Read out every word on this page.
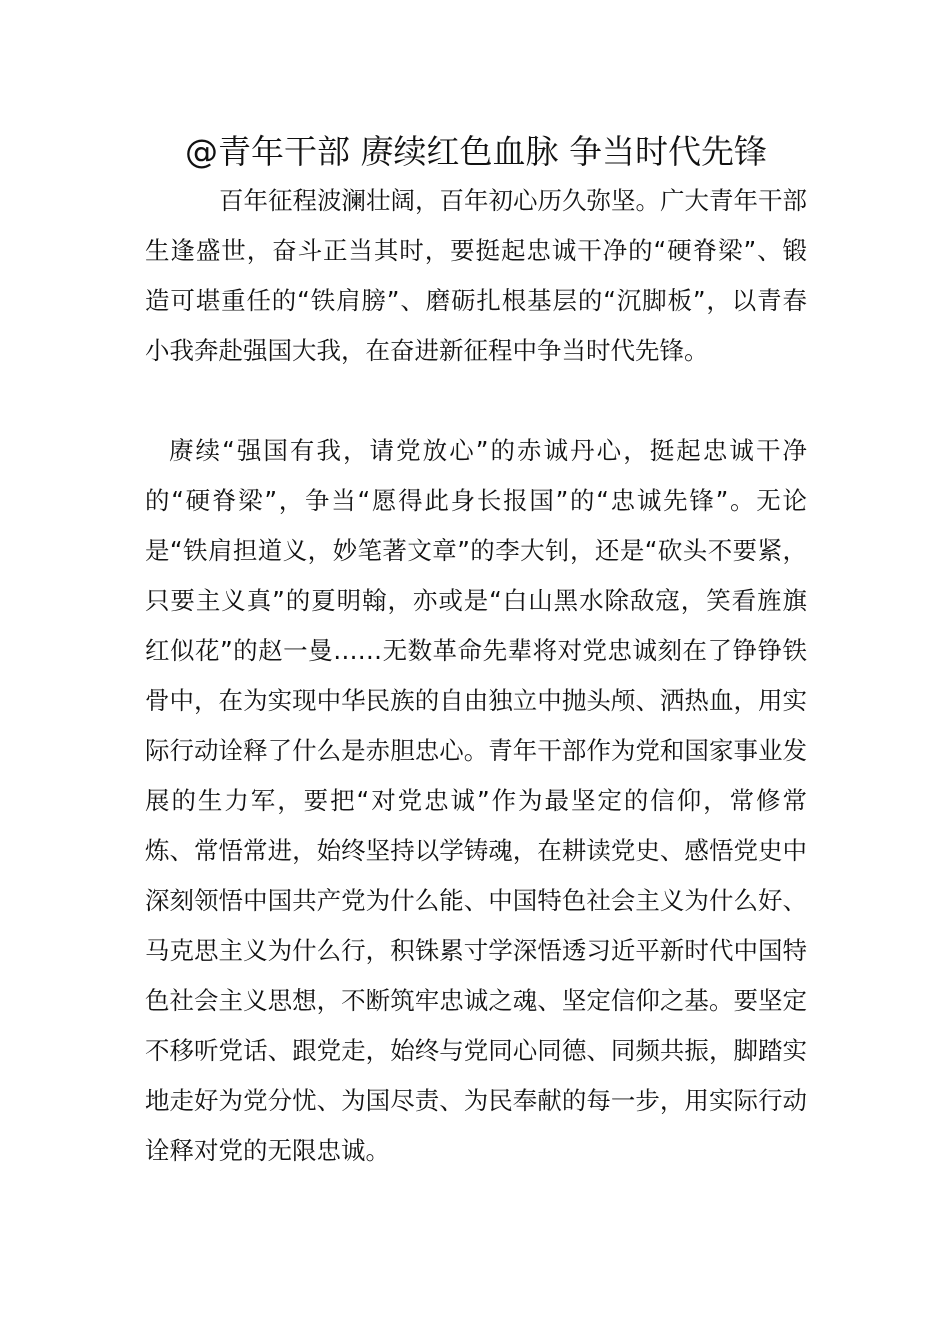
@青年干部 赓续红色血脉 争当时代先锋

百年征程波澜壮阔，百年初心历久弥坚。广大青年干部生逢盛世，奋斗正当其时，要挺起忠诚干净的“硬脊梁”、锻造可堪重任的“铁肩膀”、磨砺扎根基层的“沉脚板”，以青春小我奔赴强国大我，在奋进新征程中争当时代先锋。

赓续“强国有我，请党放心”的赤诚丹心，挺起忠诚干净的“硬脊梁”，争当“愿得此身长报国”的“忠诚先锋”。无论是“铁肩担道义，妙笔著文章”的李大钊，还是“砍头不要紧，只要主义真”的夏明翰，亦或是“白山黑水除敌寇，笑看旌旗红似花”的赵一曼……无数革命先辈将对党忠诚刻在了铮铮铁骨中，在为实现中华民族的自由独立中抛头颅、洒热血，用实际行动诠释了什么是赤胆忠心。青年干部作为党和国家事业发展的生力军，要把“对党忠诚”作为最坚定的信仰，常修常炼、常悟常进，始终坚持以学铸魂，在耕读党史、感悟党史中深刻领悟中国共产党为什么能、中国特色社会主义为什么好、马克思主义为什么行，积铢累寸学深悟透习近平新时代中国特色社会主义思想，不断筑牢忠诚之魂、坚定信仰之基。要坚定不移听党话、跟党走，始终与党同心同德、同频共振，脚踏实地走好为党分忧、为国尽责、为民奉献的每一步，用实际行动诠释对党的无限忠诚。
